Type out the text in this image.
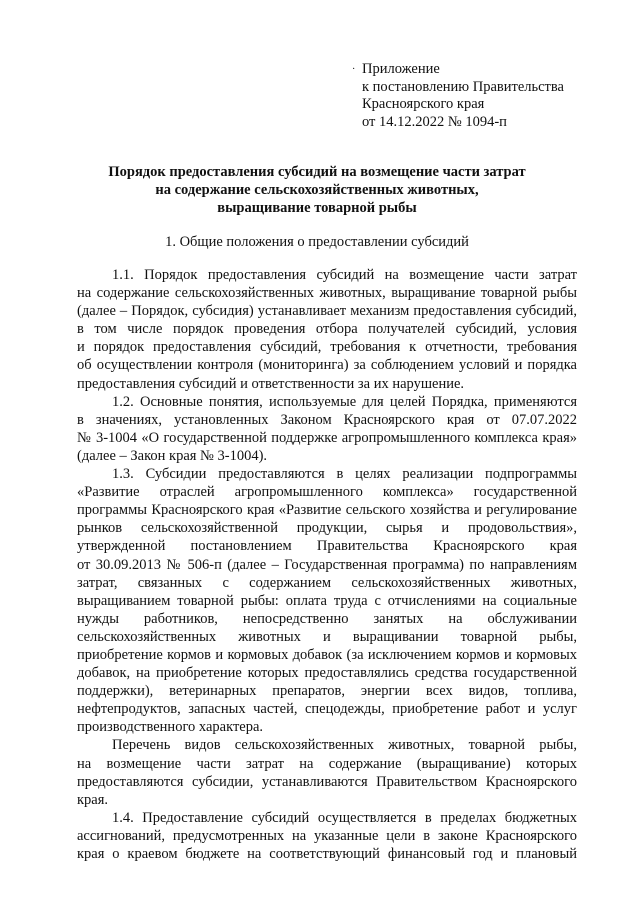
· Приложение
к постановлению Правительства
Красноярского края
от 14.12.2022 № 1094-п
Порядок предоставления субсидий на возмещение части затрат
на содержание сельскохозяйственных животных,
выращивание товарной рыбы
1. Общие положения о предоставлении субсидий
1.1. Порядок предоставления субсидий на возмещение части затрат
на содержание сельскохозяйственных животных, выращивание товарной рыбы
(далее – Порядок, субсидия) устанавливает механизм предоставления субсидий,
в том числе порядок проведения отбора получателей субсидий, условия
и порядок предоставления субсидий, требования к отчетности, требования
об осуществлении контроля (мониторинга) за соблюдением условий и порядка
предоставления субсидий и ответственности за их нарушение.
1.2. Основные понятия, используемые для целей Порядка, применяются
в значениях, установленных Законом Красноярского края от 07.07.2022
№ 3-1004 «О государственной поддержке агропромышленного комплекса края»
(далее – Закон края № 3-1004).
1.3. Субсидии предоставляются в целях реализации подпрограммы
«Развитие отраслей агропромышленного комплекса» государственной
программы Красноярского края «Развитие сельского хозяйства и регулирование
рынков сельскохозяйственной продукции, сырья и продовольствия»,
утвержденной постановлением Правительства Красноярского края
от 30.09.2013 № 506-п (далее – Государственная программа) по направлениям
затрат, связанных с содержанием сельскохозяйственных животных,
выращиванием товарной рыбы: оплата труда с отчислениями на социальные
нужды работников, непосредственно занятых на обслуживании
сельскохозяйственных животных и выращивании товарной рыбы,
приобретение кормов и кормовых добавок (за исключением кормов и кормовых
добавок, на приобретение которых предоставлялись средства государственной
поддержки), ветеринарных препаратов, энергии всех видов, топлива,
нефтепродуктов, запасных частей, спецодежды, приобретение работ и услуг
производственного характера.
Перечень видов сельскохозяйственных животных, товарной рыбы,
на возмещение части затрат на содержание (выращивание) которых
предоставляются субсидии, устанавливаются Правительством Красноярского
края.
1.4. Предоставление субсидий осуществляется в пределах бюджетных
ассигнований, предусмотренных на указанные цели в законе Красноярского
края о краевом бюджете на соответствующий финансовый год и плановый
